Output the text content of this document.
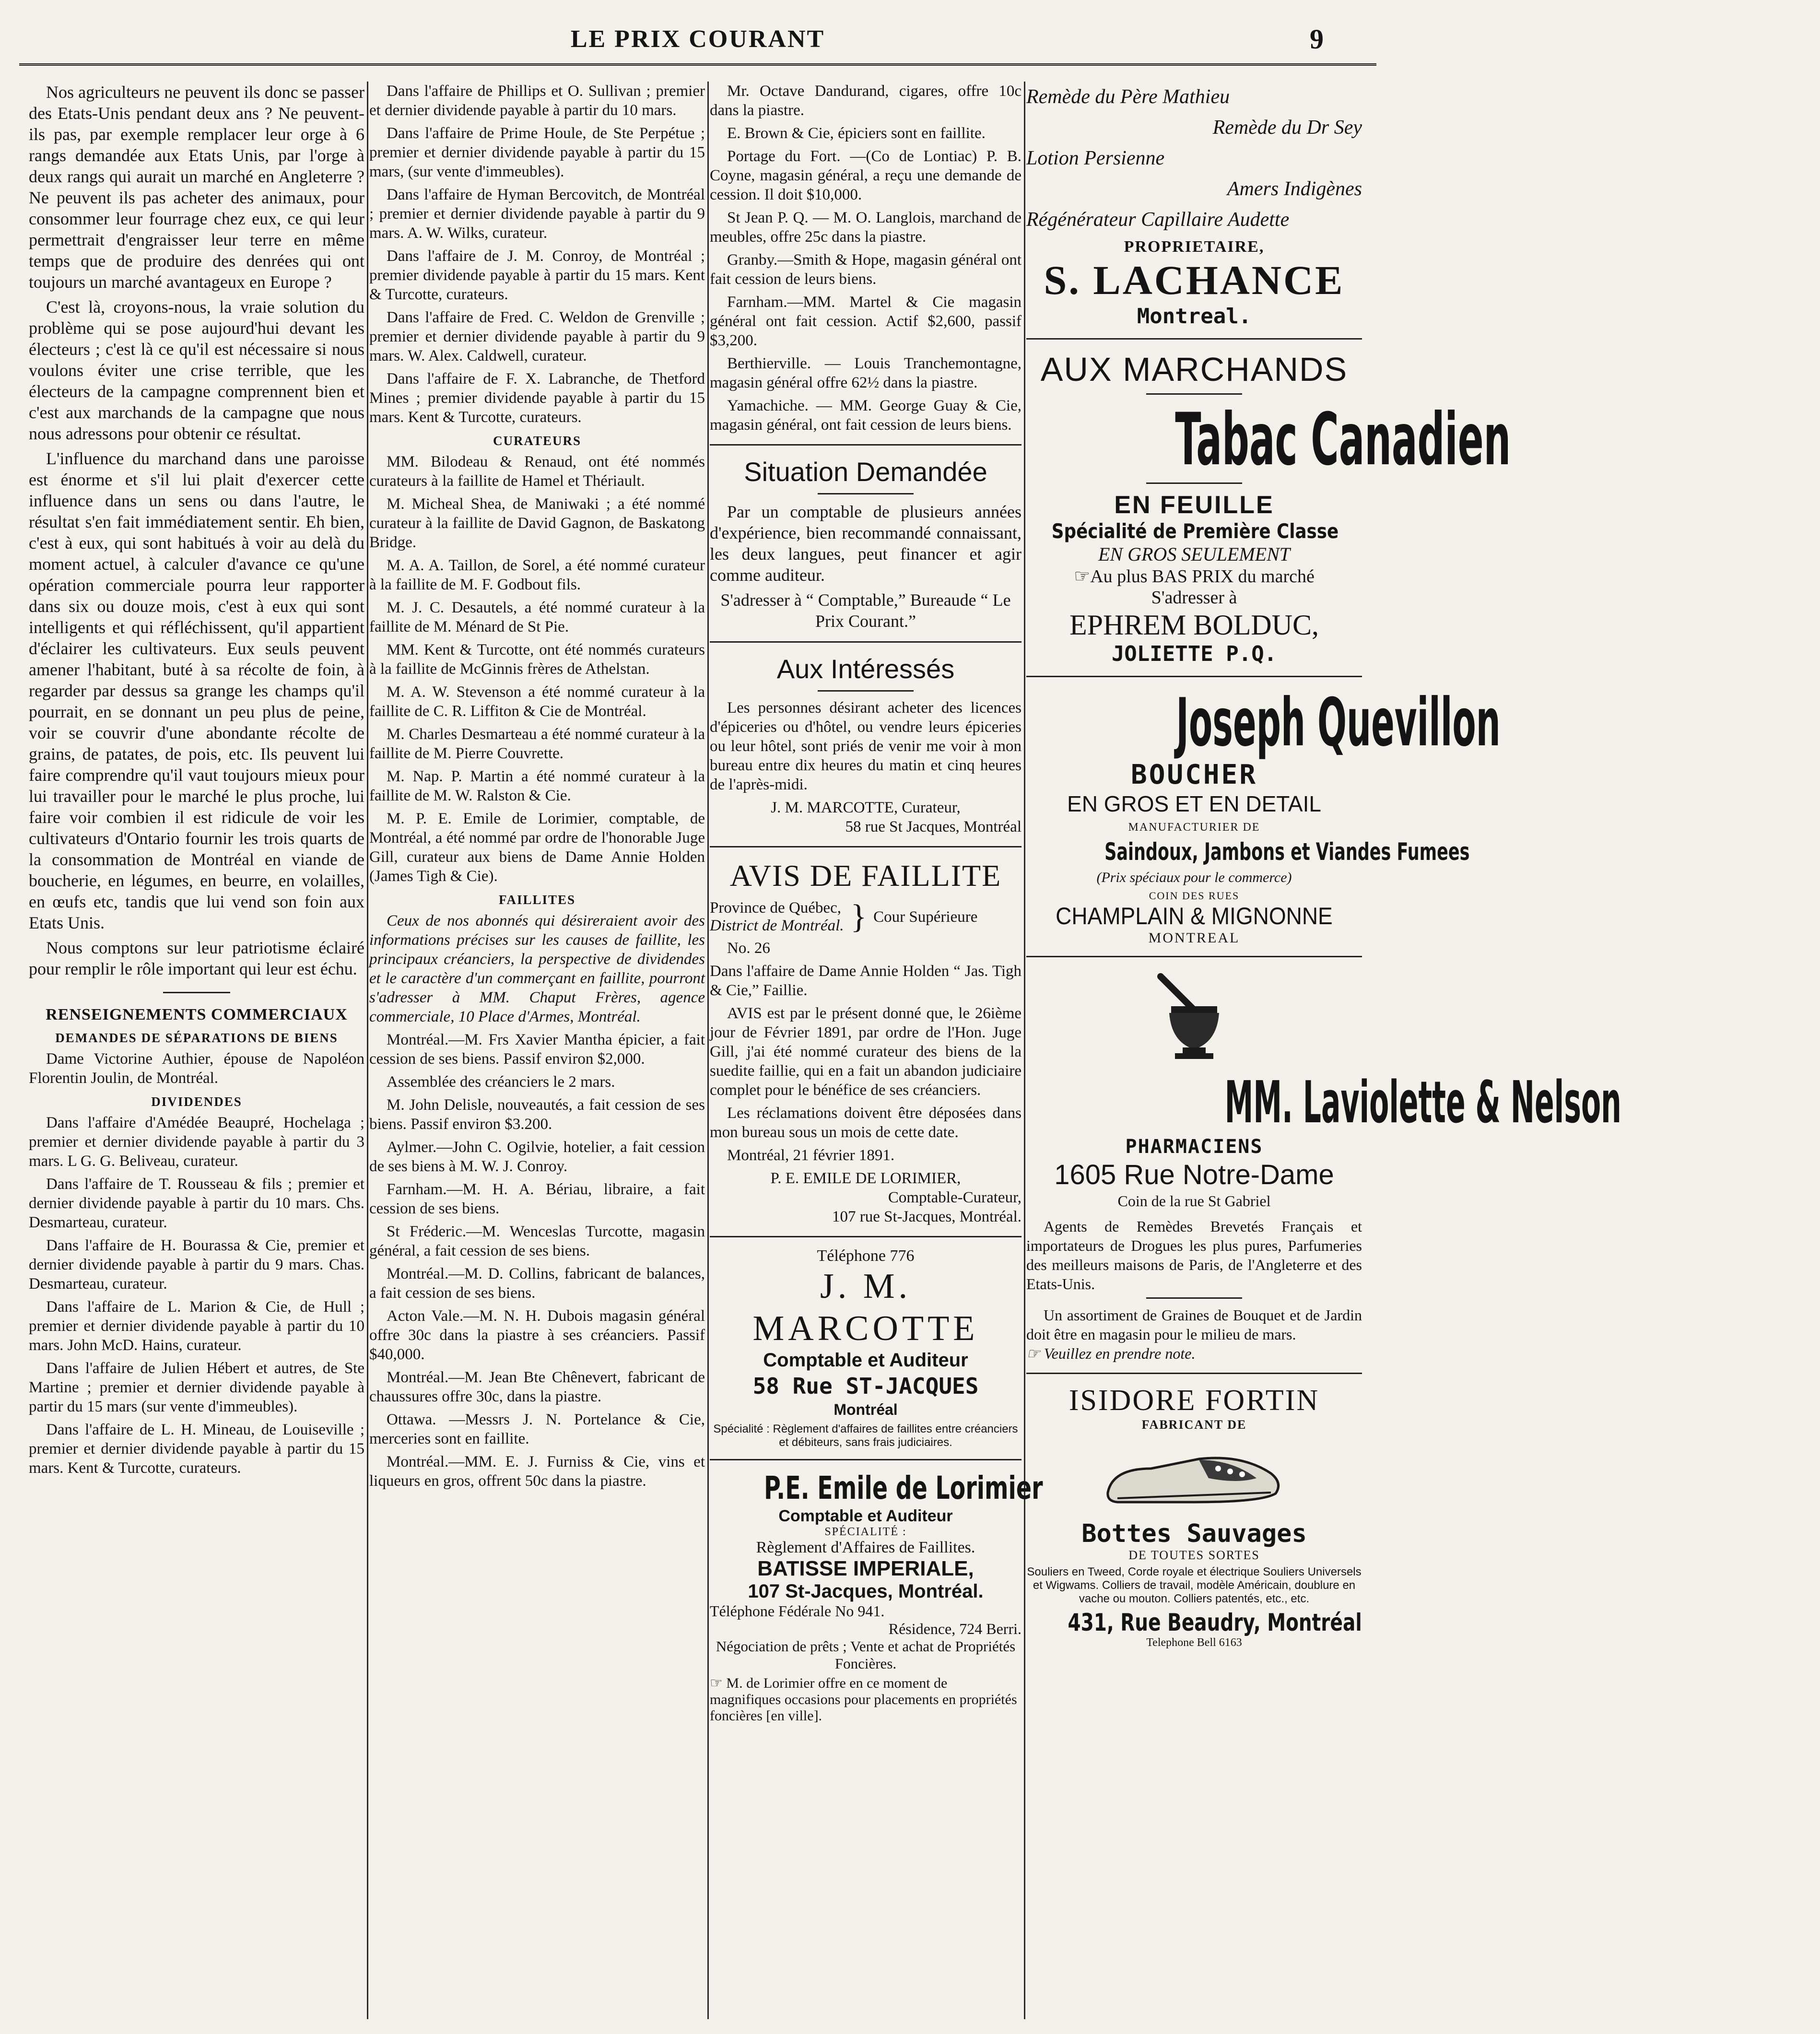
LE PRIX COURANT	9

Nos agriculteurs ne peuvent ils donc se passer des Etats-Unis pendant deux ans ? Ne peuvent-ils pas, par exemple remplacer leur orge à 6 rangs demandée aux Etats Unis, par l'orge à deux rangs qui aurait un marché en Angleterre ? Ne peuvent ils pas acheter des animaux, pour consommer leur fourrage chez eux, ce qui leur permettrait d'engraisser leur terre en même temps que de produire des denrées qui ont toujours un marché avantageux en Europe ?

C'est là, croyons-nous, la vraie solution du problème qui se pose aujourd'hui devant les électeurs ; c'est là ce qu'il est nécessaire si nous voulons éviter une crise terrible, que les électeurs de la campagne comprennent bien et c'est aux marchands de la campagne que nous nous adressons pour obtenir ce résultat.

L'influence du marchand dans une paroisse est énorme et s'il lui plait d'exercer cette influence dans un sens ou dans l'autre, le résultat s'en fait immédiatement sentir. Eh bien, c'est à eux, qui sont habitués à voir au delà du moment actuel, à calculer d'avance ce qu'une opération commerciale pourra leur rapporter dans six ou douze mois, c'est à eux qui sont intelligents et qui réfléchissent, qu'il appartient d'éclairer les cultivateurs. Eux seuls peuvent amener l'habitant, buté à sa récolte de foin, à regarder par dessus sa grange les champs qu'il pourrait, en se donnant un peu plus de peine, voir se couvrir d'une abondante récolte de grains, de patates, de pois, etc. Ils peuvent lui faire comprendre qu'il vaut toujours mieux pour lui travailler pour le marché le plus proche, lui faire voir combien il est ridicule de voir les cultivateurs d'Ontario fournir les trois quarts de la consommation de Montréal en viande de boucherie, en légumes, en beurre, en volailles, en œufs etc, tandis que lui vend son foin aux Etats Unis.

Nous comptons sur leur patriotisme éclairé pour remplir le rôle important qui leur est échu.

RENSEIGNEMENTS COMMERCIAUX
DEMANDES DE SÉPARATIONS DE BIENS

Dame Victorine Authier, épouse de Napoléon Florentin Joulin, de Montréal.

DIVIDENDES

Dans l'affaire d'Amédée Beaupré, Hochelaga ; premier et dernier dividende payable à partir du 3 mars. L G. G. Beliveau, curateur.

Dans l'affaire de T. Rousseau & fils ; premier et dernier dividende payable à partir du 10 mars. Chs. Desmarteau, curateur.

Dans l'affaire de H. Bourassa & Cie, premier et dernier dividende payable à partir du 9 mars. Chas. Desmarteau, curateur.

Dans l'affaire de L. Marion & Cie, de Hull ; premier et dernier dividende payable à partir du 10 mars. John McD. Hains, curateur.

Dans l'affaire de Julien Hébert et autres, de Ste Martine ; premier et dernier dividende payable à partir du 15 mars (sur vente d'immeubles).

Dans l'affaire de L. H. Mineau, de Louiseville ; premier et dernier dividende payable à partir du 15 mars. Kent & Turcotte, curateurs.

Dans l'affaire de Phillips et O. Sullivan ; premier et dernier dividende payable à partir du 10 mars.

Dans l'affaire de Prime Houle, de Ste Perpétue ; premier et dernier dividende payable à partir du 15 mars, (sur vente d'immeubles).

Dans l'affaire de Hyman Bercovitch, de Montréal ; premier et dernier dividende payable à partir du 9 mars. A. W. Wilks, curateur.

Dans l'affaire de J. M. Conroy, de Montréal ; premier dividende payable à partir du 15 mars. Kent & Turcotte, curateurs.

Dans l'affaire de Fred. C. Weldon de Grenville ; premier et dernier dividende payable à partir du 9 mars. W. Alex. Caldwell, curateur.

Dans l'affaire de F. X. Labranche, de Thetford Mines ; premier dividende payable à partir du 15 mars. Kent & Turcotte, curateurs.

CURATEURS

MM. Bilodeau & Renaud, ont été nommés curateurs à la faillite de Hamel et Thériault.

M. Micheal Shea, de Maniwaki ; a été nommé curateur à la faillite de David Gagnon, de Baskatong Bridge.

M. A. A. Taillon, de Sorel, a été nommé curateur à la faillite de M. F. Godbout fils.

M. J. C. Desautels, a été nommé curateur à la faillite de M. Ménard de St Pie.

MM. Kent & Turcotte, ont été nommés curateurs à la faillite de McGinnis frères de Athelstan.

M. A. W. Stevenson a été nommé curateur à la faillite de C. R. Liffiton & Cie de Montréal.

M. Charles Desmarteau a été nommé curateur à la faillite de M. Pierre Couvrette.

M. Nap. P. Martin a été nommé curateur à la faillite de M. W. Ralston & Cie.

M. P. E. Emile de Lorimier, comptable, de Montréal, a été nommé par ordre de l'honorable Juge Gill, curateur aux biens de Dame Annie Holden (James Tigh & Cie).

FAILLITES

Ceux de nos abonnés qui désireraient avoir des informations précises sur les causes de faillite, les principaux créanciers, la perspective de dividendes et le caractère d'un commerçant en faillite, pourront s'adresser à MM. Chaput Frères, agence commerciale, 10 Place d'Armes, Montréal.

Montréal.—M. Frs Xavier Mantha épicier, a fait cession de ses biens. Passif environ $2,000.

Assemblée des créanciers le 2 mars.

M. John Delisle, nouveautés, a fait cession de ses biens. Passif environ $3.200.

Aylmer.—John C. Ogilvie, hotelier, a fait cession de ses biens à M. W. J. Conroy.

Farnham.—M. H. A. Bériau, libraire, a fait cession de ses biens.

St Fréderic.—M. Wenceslas Turcotte, magasin général, a fait cession de ses biens.

Montréal.—M. D. Collins, fabricant de balances, a fait cession de ses biens.

Acton Vale.—M. N. H. Dubois magasin général offre 30c dans la piastre à ses créanciers. Passif $40,000.

Montréal.—M. Jean Bte Chênevert, fabricant de chaussures offre 30c, dans la piastre.

Ottawa. —Messrs J. N. Portelance & Cie, merceries sont en faillite.

Montréal.—MM. E. J. Furniss & Cie, vins et liqueurs en gros, offrent 50c dans la piastre.

Mr. Octave Dandurand, cigares, offre 10c dans la piastre.

E. Brown & Cie, épiciers sont en faillite.

Portage du Fort. —(Co de Lontiac) P. B. Coyne, magasin général, a reçu une demande de cession. Il doit $10,000.

St Jean P. Q. — M. O. Langlois, marchand de meubles, offre 25c dans la piastre.

Granby.—Smith & Hope, magasin général ont fait cession de leurs biens.

Farnham.—MM. Martel & Cie magasin général ont fait cession. Actif $2,600, passif $3,200.

Berthierville. — Louis Tranchemontagne, magasin général offre 62½ dans la piastre.

Yamachiche. — MM. George Guay & Cie, magasin général, ont fait cession de leurs biens.

Situation Demandée

Par un comptable de plusieurs années d'expérience, bien recommandé connaissant, les deux langues, peut financer et agir comme auditeur.

S'adresser à “ Comptable,” Bureaude “ Le Prix Courant.”

Aux Intéressés

Les personnes désirant acheter des licences d'épiceries ou d'hôtel, ou vendre leurs épiceries ou leur hôtel, sont priés de venir me voir à mon bureau entre dix heures du matin et cinq heures de l'après-midi.

J. M. MARCOTTE, Curateur,

58 rue St Jacques, Montréal

AVIS DE FAILLITE
Province de Québec,
District de Montréal. } Cour Supérieure

No. 26

Dans l'affaire de Dame Annie Holden “ Jas. Tigh & Cie,” Faillie.

AVIS est par le présent donné que, le 26ième jour de Février 1891, par ordre de l'Hon. Juge Gill, j'ai été nommé curateur des biens de la suedite faillie, qui en a fait un abandon judiciaire complet pour le bénéfice de ses créanciers.

Les réclamations doivent être déposées dans mon bureau sous un mois de cette date.

Montréal, 21 février 1891.

P. E. EMILE DE LORIMIER,

Comptable-Curateur,

107 rue St-Jacques, Montréal.

Téléphone 776
J. M. MARCOTTE
Comptable et Auditeur
58 Rue ST-JACQUES
Montréal
Spécialité : Règlement d'affaires de faillites entre créanciers et débiteurs, sans frais judiciaires.
P.E. Emile de Lorimier
Comptable et Auditeur
SPÉCIALITÉ :
Règlement d'Affaires de Faillites.
BATISSE IMPERIALE,
107 St-Jacques, Montréal.
Téléphone Fédérale No 941.
Résidence, 724 Berri.
Négociation de prêts ; Vente et achat de Propriétés Foncières.
☞ M. de Lorimier offre en ce moment de magnifiques occasions pour placements en propriétés foncières [en ville].
Remède du Père Mathieu
Remède du Dr Sey
Lotion Persienne
Amers Indigènes
Régénérateur Capillaire Audette
PROPRIETAIRE,
S. LACHANCE
Montreal.
AUX MARCHANDS
Tabac Canadien
EN FEUILLE
Spécialité de Première Classe
EN GROS SEULEMENT
☞Au plus BAS PRIX du marché
S'adresser à
EPHREM BOLDUC,
JOLIETTE P.Q.
Joseph Quevillon
BOUCHER
EN GROS ET EN DETAIL
MANUFACTURIER DE
Saindoux, Jambons et Viandes Fumees
(Prix spéciaux pour le commerce)
COIN DES RUES
CHAMPLAIN & MIGNONNE
MONTREAL
MM. Laviolette & Nelson
PHARMACIENS
1605 Rue Notre-Dame
Coin de la rue St Gabriel

Agents de Remèdes Brevetés Français et importateurs de Drogues les plus pures, Parfumeries des meilleurs maisons de Paris, de l'Angleterre et des Etats-Unis.

Un assortiment de Graines de Bouquet et de Jardin doit être en magasin pour le milieu de mars.

☞ Veuillez en prendre note.

ISIDORE FORTIN
FABRICANT DE
Bottes Sauvages
DE TOUTES SORTES

Souliers en Tweed, Corde royale et électrique Souliers Universels et Wigwams. Colliers de travail, modèle Américain, doublure en vache ou mouton. Colliers patentés, etc., etc.

431, Rue Beaudry, Montréal
Telephone Bell 6163
